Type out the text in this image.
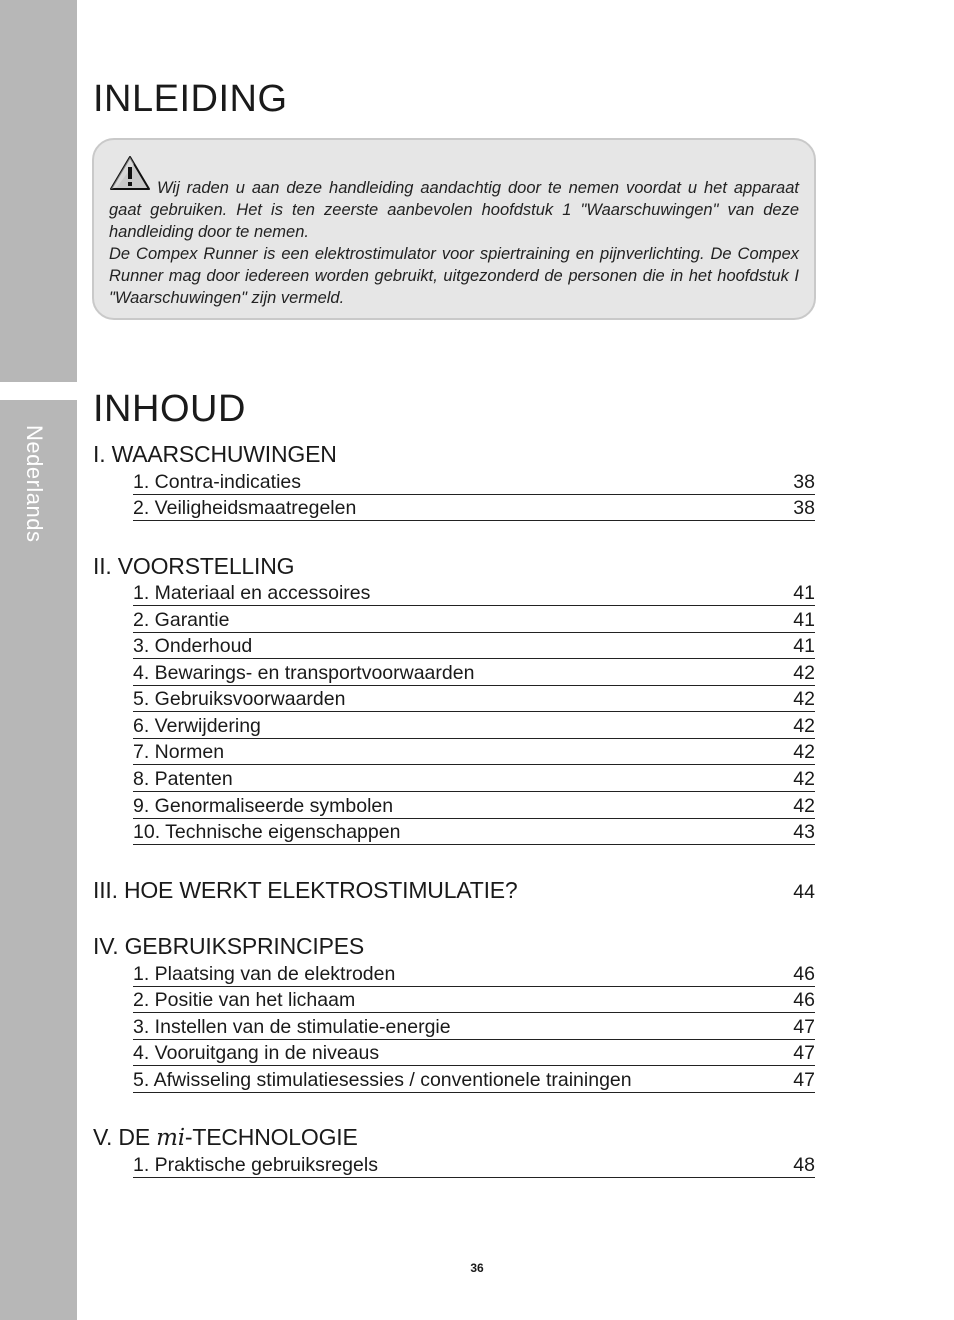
Nederlands
INLEIDING

Wij raden u aan deze handleiding aandachtig door te nemen voordat u het apparaat gaat gebruiken. Het is ten zeerste aanbevolen hoofdstuk 1 "Waarschuwingen" van deze handleiding door te nemen.

De Compex Runner is een elektrostimulator voor spiertraining en pijnverlichting. De Compex Runner mag door iedereen worden gebruikt, uitgezonderd de personen die in het hoofdstuk I "Waarschuwingen" zijn vermeld.

INHOUD
I. WAARSCHUWINGEN
1. Contra-indicaties	38
2. Veiligheidsmaatregelen	38
II. VOORSTELLING
1. Materiaal en accessoires	41
2. Garantie	41
3. Onderhoud	41
4. Bewarings- en transportvoorwaarden	42
5. Gebruiksvoorwaarden	42
6. Verwijdering	42
7. Normen	42
8. Patenten	42
9. Genormaliseerde symbolen	42
10. Technische eigenschappen	43
III. HOE WERKT ELEKTROSTIMULATIE?	44
IV. GEBRUIKSPRINCIPES
1. Plaatsing van de elektroden	46
2. Positie van het lichaam	46
3. Instellen van de stimulatie-energie	47
4. Vooruitgang in de niveaus	47
5. Afwisseling stimulatiesessies / conventionele trainingen	47
V. DE mi-TECHNOLOGIE
1. Praktische gebruiksregels	48
36
